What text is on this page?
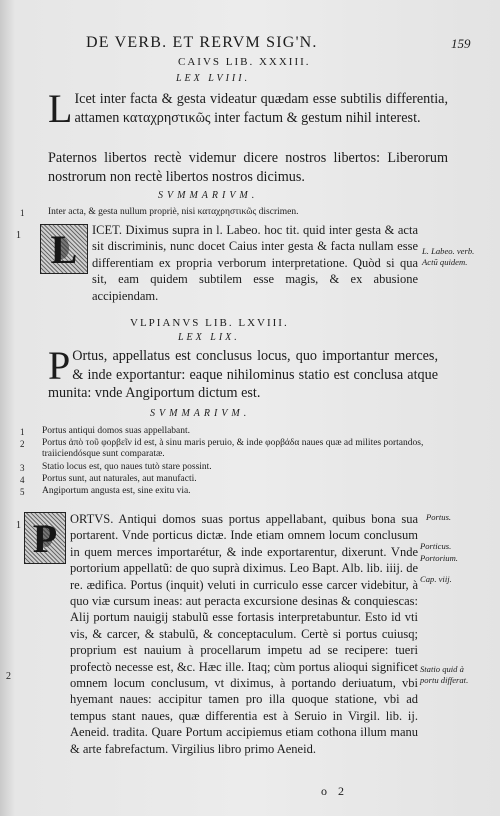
DE VERB. ET RERVM SIG'N.	159
CAIVS LIB. XXXIII.
LEX LVIII.
L Icet inter facta & gesta videatur quædam esse subtilis differentia, attamen καταχρηστικῶς inter factum & gestum nihil interest.
Paternos libertos rectè videmur dicere nostros libertos: Liberorum nostrorum non rectè libertos nostros dicimus.
SVMMARIVM.
1 Inter acta, & gesta nullum propriè, nisi καταχρηστικῶς discrimen.
1 L	ICET. Diximus supra in l. Labeo. hoc tit. quid inter gesta & acta sit discriminis, nunc docet Caius inter gesta & facta nullam esse differentiam ex propria verborum interpretatione. Quòd si qua sit, eam quidem subtilem esse magis, & ex abusione accipiendam.
L. Labeo. verb. Actũ quidem.
VLPIANVS LIB. LXVIII.
LEX LIX.
P Ortus, appellatus est conclusus locus, quo importantur merces, & inde exportantur: eaque nihilominus statio est conclusa atque munita: vnde Angiportum dictum est.
SVMMARIVM.
1 Portus antiqui domos suas appellabant.
2 Portus ἀπὸ τοῦ φορβεῖν id est, à sinu maris peruio, & inde φορβάδα naues quæ ad milites portandos, traiiciendósque sunt comparatæ.
3 Statio locus est, quo naues tutò stare possint.
4 Portus sunt, aut naturales, aut manufacti.
5 Angiportum angusta est, sine exitu via.
1 P	ORTVS. Antiqui domos suas portus appellabant, quibus bona sua portarent. Vnde porticus dictæ. Inde etiam omnem locum conclusum in quem merces importarétur, & inde exportarentur, dixerunt. Vnde portorium appellatũ: de quo suprà diximus. Leo Bapt. Alb. lib. iiij. de re. ædifica. Portus (inquit) veluti in curriculo esse carcer videbitur, à quo viæ cursum ineas: aut peracta excursione desinas & conquiescas: Alij portum nauigij stabulũ esse fortasis interpretabuntur. Esto id vti vis, & carcer, & stabulũ, & conceptaculum. Certè si portus cuiusq; proprium est nauium à procellarum impetu ad se recipere: tueri profectò necesse est, &c. Hæc ille. Itaq; cùm portus alioqui significet omnem locum conclusum, vt diximus, à portando deriuatum, vbi hyemant naues: accipitur tamen pro illa quoque statione, vbi ad tempus stant naues, quæ differentia est à Seruio in Virgil. lib. ij. Aeneid. tradita. Quare Portum accipiemus etiam cothona illum manu & arte fabrefactum. Virgilius libro primo Aeneid.
Portus.
Porticus.
Portorium.
Cap. viij.
Statio quid à portu differat.
2
o 2
